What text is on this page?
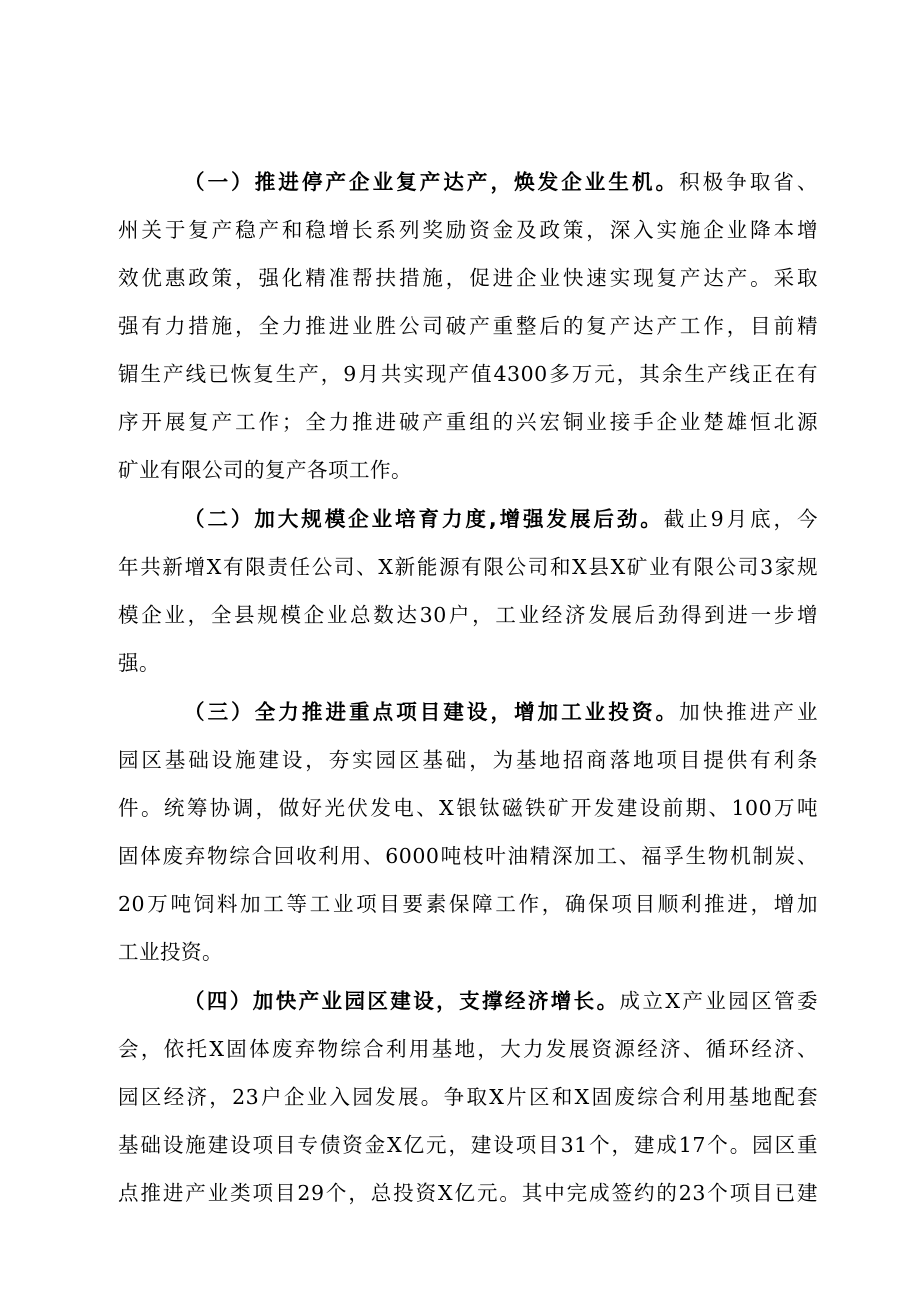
（一）推进停产企业复产达产，焕发企业生机。积极争取省、
州关于复产稳产和稳增长系列奖励资金及政策，深入实施企业降本增
效优惠政策，强化精准帮扶措施，促进企业快速实现复产达产。采取
强有力措施，全力推进业胜公司破产重整后的复产达产工作，目前精
镅生产线已恢复生产，9月共实现产值4300多万元，其余生产线正在有
序开展复产工作；全力推进破产重组的兴宏铜业接手企业楚雄恒北源
矿业有限公司的复产各项工作。
（二）加大规模企业培育力度,增强发展后劲。截止9月底，今
年共新增X有限责任公司、X新能源有限公司和X县X矿业有限公司3家规
模企业，全县规模企业总数达30户，工业经济发展后劲得到进一步增
强。
（三）全力推进重点项目建设，增加工业投资。加快推进产业
园区基础设施建设，夯实园区基础，为基地招商落地项目提供有利条
件。统筹协调，做好光伏发电、X银钛磁铁矿开发建设前期、100万吨
固体废弃物综合回收利用、6000吨枝叶油精深加工、福孚生物机制炭、
20万吨饲料加工等工业项目要素保障工作，确保项目顺利推进，增加
工业投资。
（四）加快产业园区建设，支撑经济增长。成立X产业园区管委
会，依托X固体废弃物综合利用基地，大力发展资源经济、循环经济、
园区经济，23户企业入园发展。争取X片区和X固废综合利用基地配套
基础设施建设项目专债资金X亿元，建设项目31个，建成17个。园区重
点推进产业类项目29个，总投资X亿元。其中完成签约的23个项目已建
